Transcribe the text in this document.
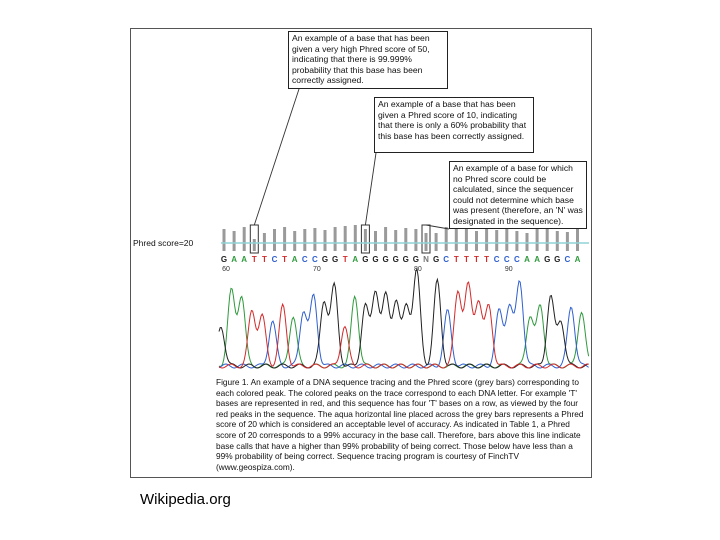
G A A T T C T A C C G G T A G G G G G G N G C T T T T C C C A A G G C A
60	70	80	90
An example of a base that has been given a very high Phred score of 50, indicating that there is 99.999% probability that this base has been correctly assigned.
An example of a base that has been given a Phred score of 10, indicating that there is only a 60% probability that this base has been correctly assigned.
An example of a base for which no Phred score could be calculated, since the sequencer could not determine which base was present (therefore, an 'N' was designated in the sequence).
Phred score=20
Figure 1. An example of a DNA sequence tracing and the Phred score (grey bars) corresponding to each colored peak. The colored peaks on the trace correspond to each DNA letter. For example 'T' bases are represented in red, and this sequence has four 'T' bases on a row, as viewed by the four red peaks in the sequence. The aqua horizontal line placed across the grey bars represents a Phred score of 20 which is considered an acceptable level of accuracy. As indicated in Table 1, a Phred score of 20 corresponds to a 99% accuracy in the base call. Therefore, bars above this line indicate base calls that have a higher than 99% probability of being correct. Those below have less than a 99% probability of being correct. Sequence tracing program is courtesy of FinchTV (www.geospiza.com).
Wikipedia.org
